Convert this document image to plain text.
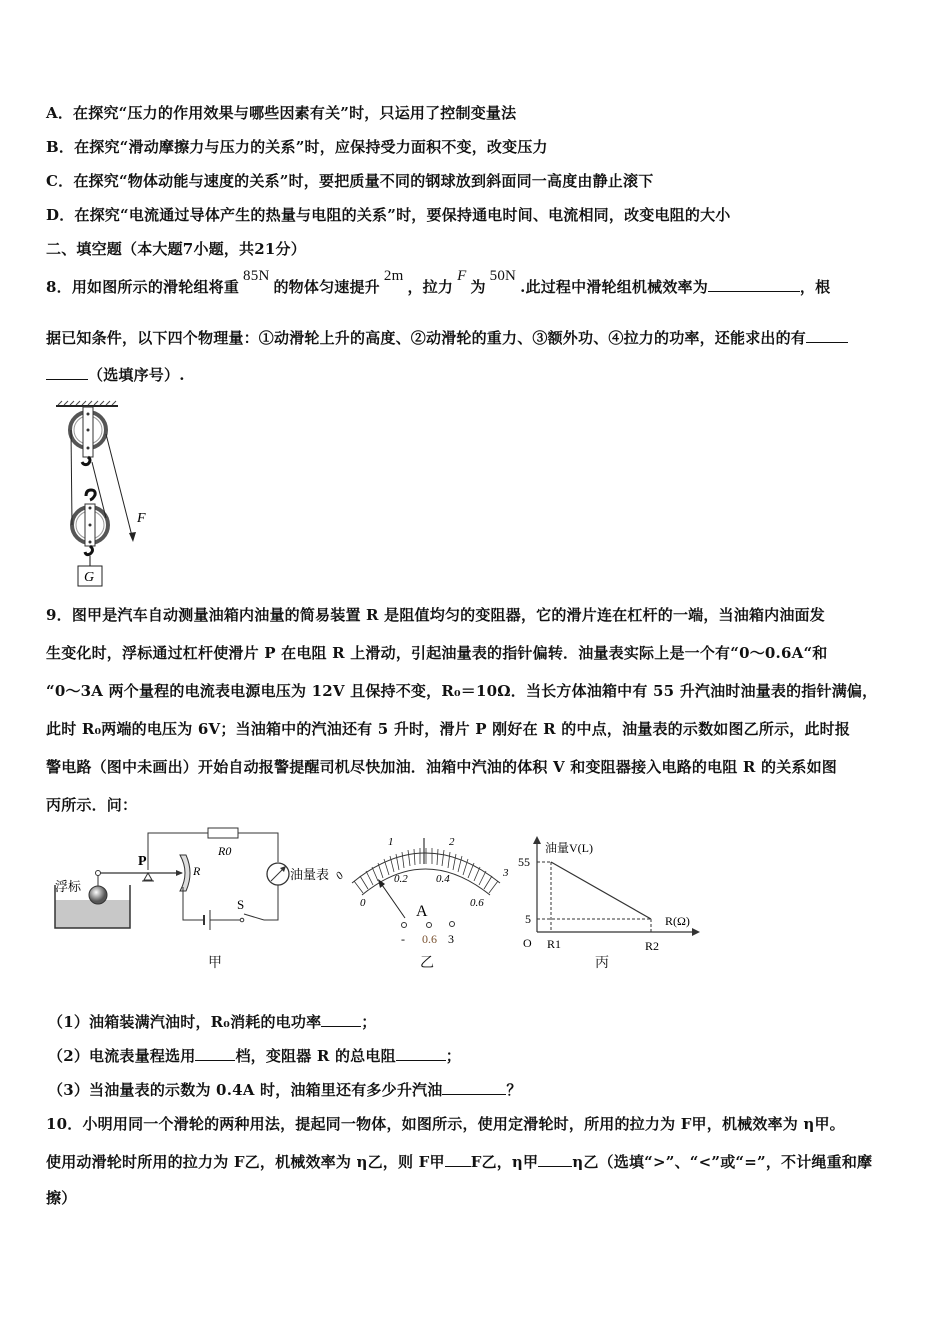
A．在探究“压力的作用效果与哪些因素有关”时，只运用了控制变量法
B．在探究“滑动摩擦力与压力的关系”时，应保持受力面积不变，改变压力
C．在探究“物体动能与速度的关系”时，要把质量不同的钢球放到斜面同一高度由静止滚下
D．在探究“电流通过导体产生的热量与电阻的关系”时，要保持通电时间、电流相同，改变电阻的大小
二、填空题（本大题7小题，共21分）
8．用如图所示的滑轮组将重85N的物体匀速提升2m，拉力F为50N.此过程中滑轮组机械效率为	，根
据已知条件，以下四个物理量：①动滑轮上升的高度、②动滑轮的重力、③额外功、④拉力的功率，还能求出的有
（选填序号）.
F
G
9．图甲是汽车自动测量油箱内油量的简易装置 R 是阻值均匀的变阻器，它的滑片连在杠杆的一端，当油箱内油面发
生变化时，浮标通过杠杆使滑片 P 在电阻 R 上滑动，引起油量表的指针偏转．油量表实际上是一个有“0～0.6A“和
“0～3A 两个量程的电流表电源电压为 12V 且保持不变，R₀＝10Ω．当长方体油箱中有 55 升汽油时油量表的指针满偏，
此时 R₀两端的电压为 6V；当油箱中的汽油还有 5 升时，滑片 P 刚好在 R 的中点，油量表的示数如图乙所示，此时报
警电路（图中未画出）开始自动报警提醒司机尽快加油．油箱中汽油的体积 V 和变阻器接入电路的电阻 R 的关系如图
丙所示．问：
浮标
P
R
R0
油量表
S
甲
0
1	2
3
0
0.2	0.4
0.6
A
- 0.6 3
乙
油量V(L)
R(Ω)
55
5
O R1	R2
丙
（1）油箱装满汽油时，R₀消耗的电功率	；
（2）电流表量程选用	档，变阻器 R 的总电阻	；
（3）当油量表的示数为 0.4A 时，油箱里还有多少升汽油	？
10．小明用同一个滑轮的两种用法，提起同一物体，如图所示，使用定滑轮时，所用的拉力为 F甲，机械效率为 η甲。
使用动滑轮时所用的拉力为 F乙，机械效率为 η乙，则 F甲 F乙，η甲 η乙（选填“>”、“<”或“=”，不计绳重和摩
擦）
